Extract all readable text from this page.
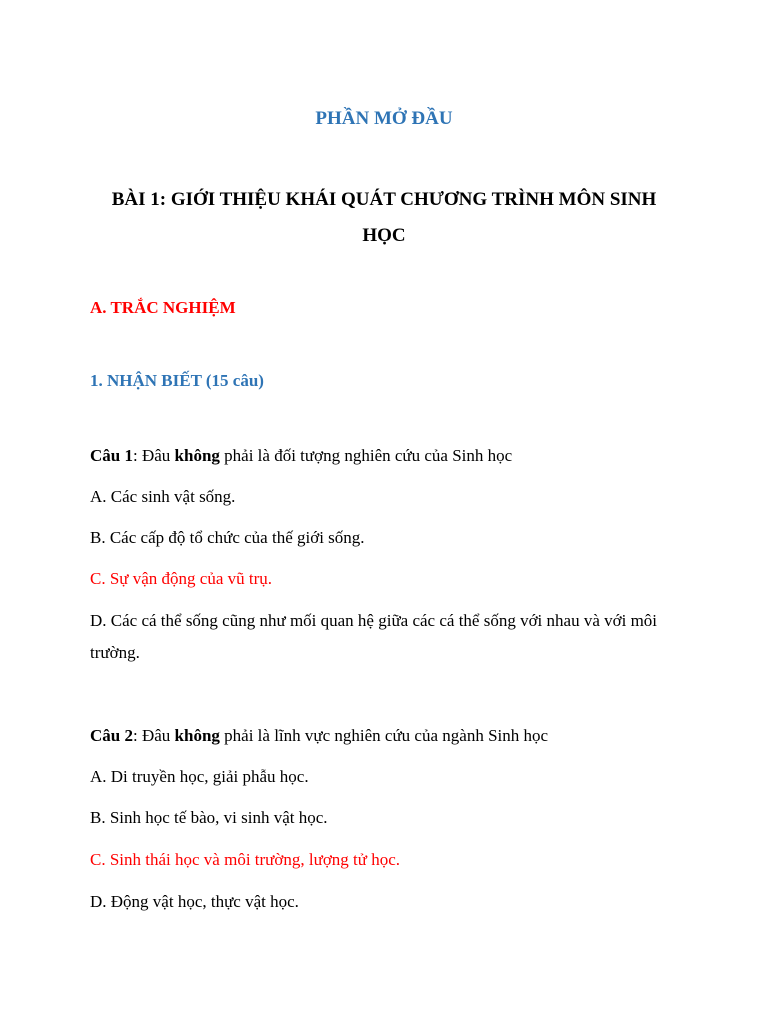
PHẦN MỞ ĐẦU
BÀI 1: GIỚI THIỆU KHÁI QUÁT CHƯƠNG TRÌNH MÔN SINH HỌC
A. TRẮC NGHIỆM
1. NHẬN BIẾT (15 câu)
Câu 1: Đâu không phải là đối tượng nghiên cứu của Sinh học
A. Các sinh vật sống.
B. Các cấp độ tổ chức của thế giới sống.
C. Sự vận động của vũ trụ.
D. Các cá thể sống cũng như mối quan hệ giữa các cá thể sống với nhau và với môi trường.
Câu 2: Đâu không phải là lĩnh vực nghiên cứu của ngành Sinh học
A. Di truyền học, giải phẫu học.
B. Sinh học tế bào, vi sinh vật học.
C. Sinh thái học và môi trường, lượng tử học.
D. Động vật học, thực vật học.
